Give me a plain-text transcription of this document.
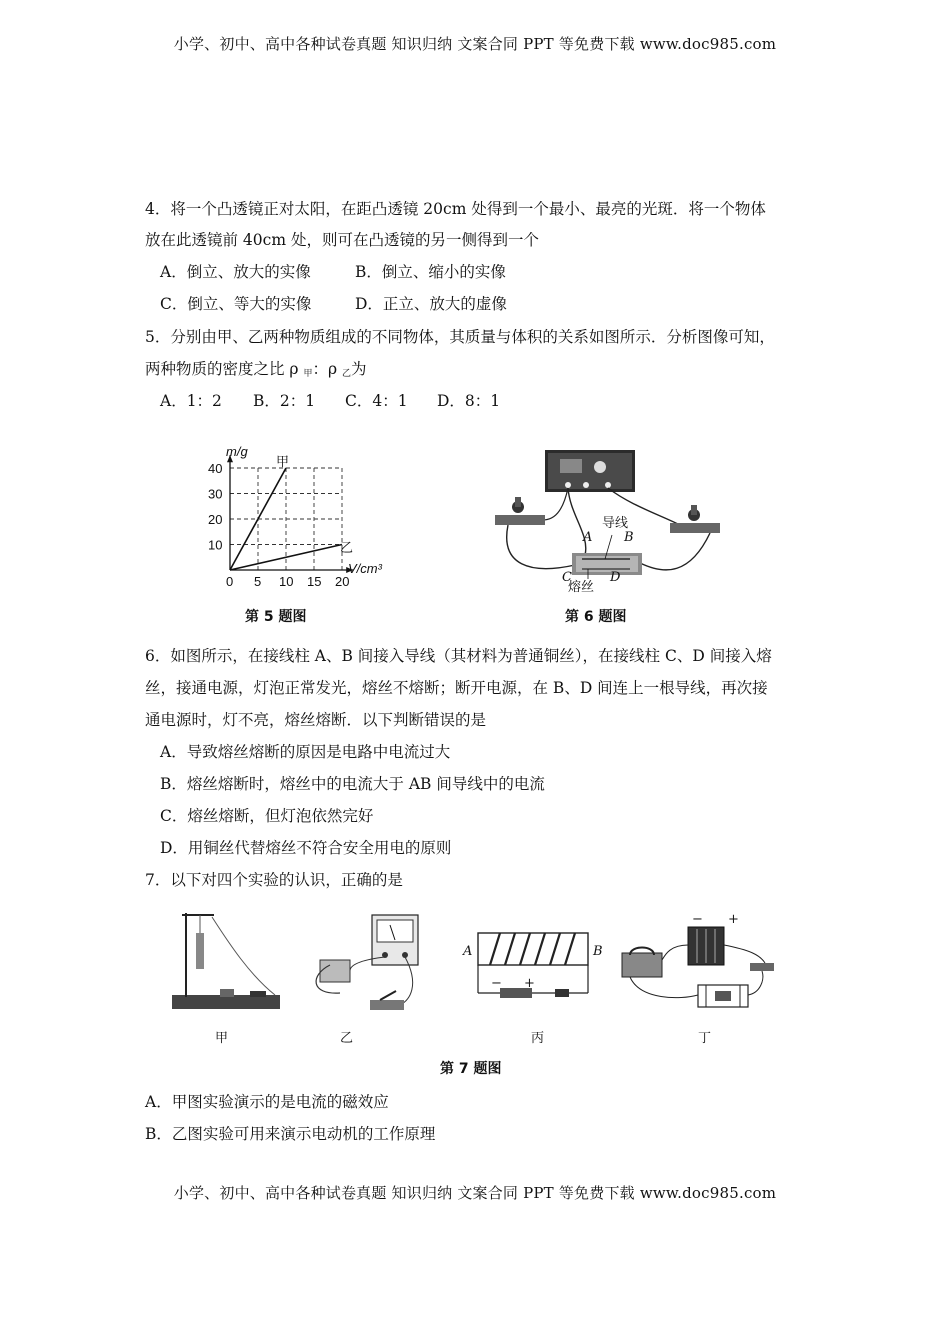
小学、初中、高中各种试卷真题 知识归纳 文案合同 PPT 等免费下载 www.doc985.com
4．将一个凸透镜正对太阳，在距凸透镜 20cm 处得到一个最小、最亮的光斑．将一个物体
放在此透镜前 40cm 处，则可在凸透镜的另一侧得到一个
A．倒立、放大的实像	B．倒立、缩小的实像
C．倒立、等大的实像	D．正立、放大的虚像
5．分别由甲、乙两种物质组成的不同物体，其质量与体积的关系如图所示．分析图像可知，
两种物质的密度之比 ρ $_甲$：ρ $_乙$为
A．1：2 B．2：1 C．4：1 D．8：1
0 5 10 15 20
10
20
30
40
m/g
V/cm³
甲
乙
第 5 题图
导线
熔丝
A B
C	D
第 6 题图
6．如图所示，在接线柱 A、B 间接入导线（其材料为普通铜丝），在接线柱 C、D 间接入熔
丝，接通电源，灯泡正常发光，熔丝不熔断；断开电源，在 B、D 间连上一根导线，再次接
通电源时，灯不亮，熔丝熔断．以下判断错误的是
A．导致熔丝熔断的原因是电路中电流过大
B．熔丝熔断时，熔丝中的电流大于 AB 间导线中的电流
C．熔丝熔断，但灯泡依然完好
D．用铜丝代替熔丝不符合安全用电的原则
7．以下对四个实验的认识，正确的是
甲	乙
A	B
− +
丙
− +
丁
第 7 题图
A．甲图实验演示的是电流的磁效应
B．乙图实验可用来演示电动机的工作原理
小学、初中、高中各种试卷真题 知识归纳 文案合同 PPT 等免费下载 www.doc985.com
